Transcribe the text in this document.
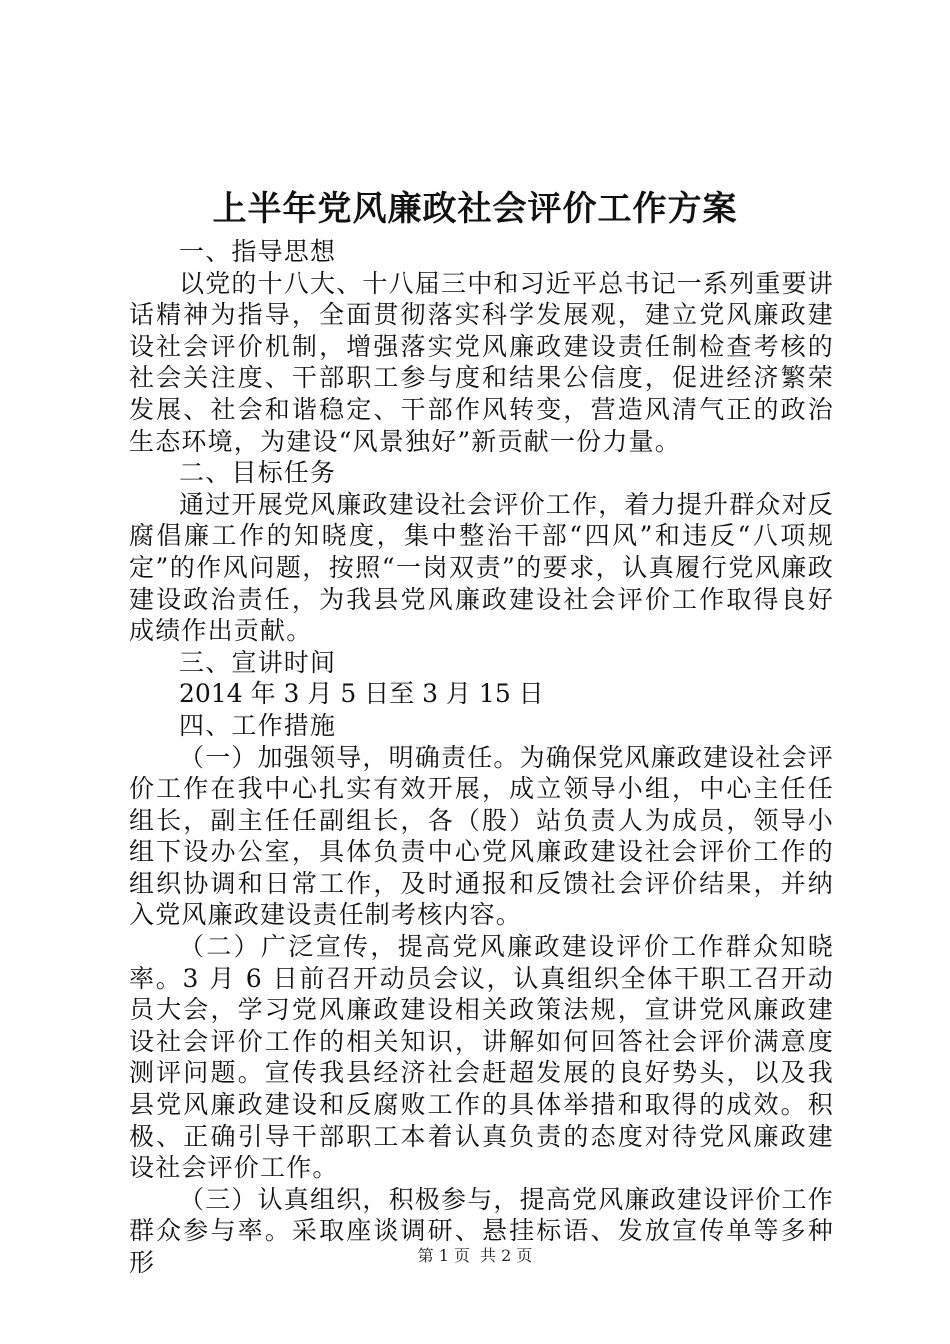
上半年党风廉政社会评价工作方案

一、指导思想

以党的十八大、十八届三中和习近平总书记一系列重要讲话精神为指导，全面贯彻落实科学发展观，建立党风廉政建设社会评价机制，增强落实党风廉政建设责任制检查考核的社会关注度、干部职工参与度和结果公信度，促进经济繁荣发展、社会和谐稳定、干部作风转变，营造风清气正的政治生态环境，为建设“风景独好”新贡献一份力量。

二、目标任务

通过开展党风廉政建设社会评价工作，着力提升群众对反腐倡廉工作的知晓度，集中整治干部“四风”和违反“八项规定”的作风问题，按照“一岗双责”的要求，认真履行党风廉政建设政治责任，为我县党风廉政建设社会评价工作取得良好成绩作出贡献。

三、宣讲时间

2014 年 3 月 5 日至 3 月 15 日

四、工作措施

（一）加强领导，明确责任。为确保党风廉政建设社会评价工作在我中心扎实有效开展，成立领导小组，中心主任任组长，副主任任副组长，各（股）站负责人为成员，领导小组下设办公室，具体负责中心党风廉政建设社会评价工作的组织协调和日常工作，及时通报和反馈社会评价结果，并纳入党风廉政建设责任制考核内容。

（二）广泛宣传，提高党风廉政建设评价工作群众知晓率。3 月 6 日前召开动员会议，认真组织全体干职工召开动员大会，学习党风廉政建设相关政策法规，宣讲党风廉政建设社会评价工作的相关知识，讲解如何回答社会评价满意度测评问题。宣传我县经济社会赶超发展的良好势头，以及我县党风廉政建设和反腐败工作的具体举措和取得的成效。积极、正确引导干部职工本着认真负责的态度对待党风廉政建设社会评价工作。

（三）认真组织，积极参与，提高党风廉政建设评价工作群众参与率。采取座谈调研、悬挂标语、发放宣传单等多种形	第 1 页 共 2 页
